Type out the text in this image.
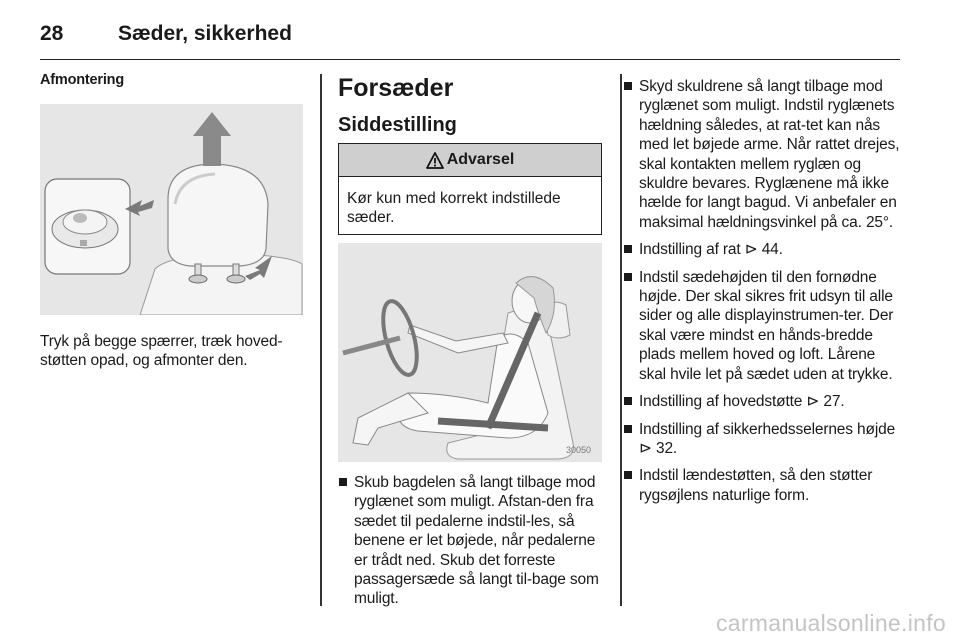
28	Sæder, sikkerhed
Afmontering

Tryk på begge spærrer, træk hoved-støtten opad, og afmonter den.

Forsæder
Siddestilling
Advarsel
Kør kun med korrekt indstillede sæder.
30050
Skub bagdelen så langt tilbage mod ryglænet som muligt. Afstan-den fra sædet til pedalerne indstil-les, så benene er let bøjede, når pedalerne er trådt ned. Skub det forreste passagersæde så langt til-bage som muligt.
Skyd skuldrene så langt tilbage mod ryglænet som muligt. Indstil ryglænets hældning således, at rat-tet kan nås med let bøjede arme. Når rattet drejes, skal kontakten mellem ryglæn og skuldre bevares. Ryglænene må ikke hælde for langt bagud. Vi anbefaler en maksimal hældningsvinkel på ca. 25°.
Indstilling af rat ⊳ 44.
Indstil sædehøjden til den fornødne højde. Der skal sikres frit udsyn til alle sider og alle displayinstrumen-ter. Der skal være mindst en hånds-bredde plads mellem hoved og loft. Lårene skal hvile let på sædet uden at trykke.
Indstilling af hovedstøtte ⊳ 27.
Indstilling af sikkerhedsselernes højde ⊳ 32.
Indstil lændestøtten, så den støtter rygsøjlens naturlige form.
carmanualsonline.info
